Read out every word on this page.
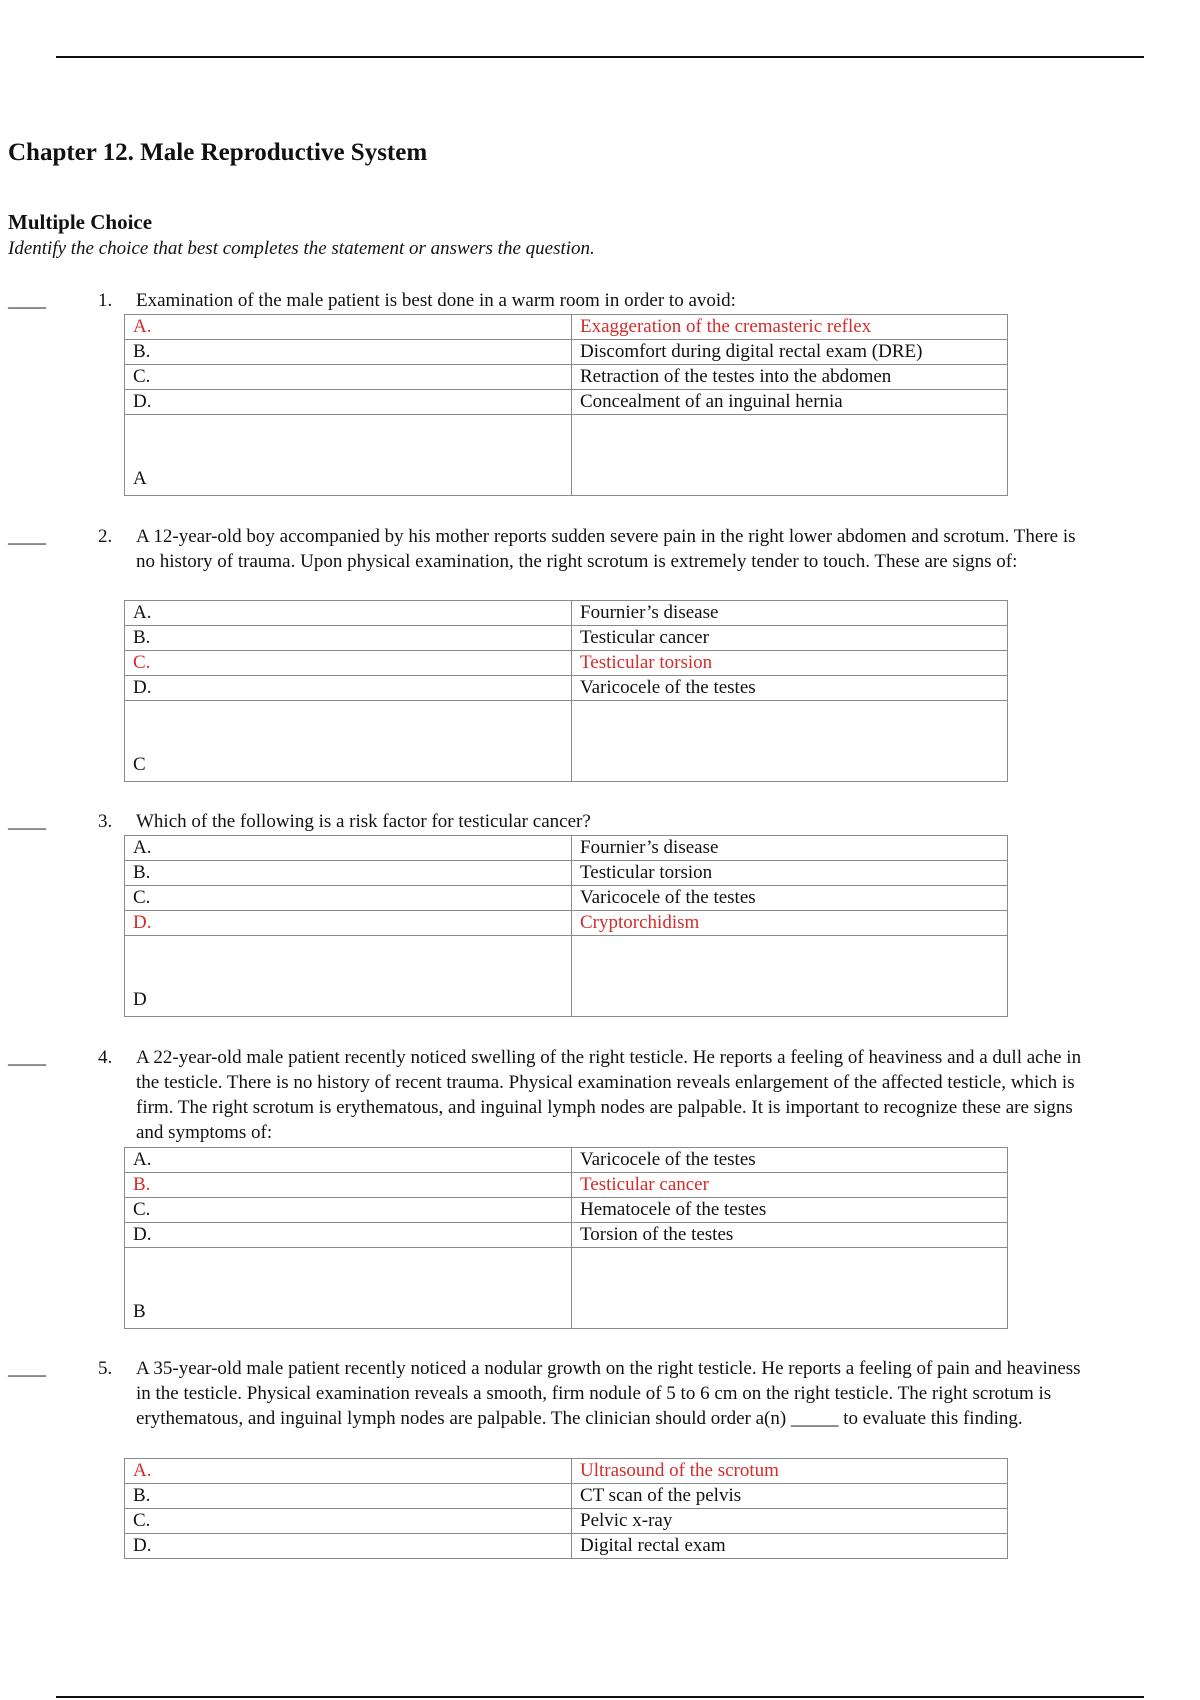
Chapter 12. Male Reproductive System
Multiple Choice
Identify the choice that best completes the statement or answers the question.
____	1. Examination of the male patient is best done in a warm room in order to avoid:

A.	Exaggeration of the cremasteric reflex
B.	Discomfort during digital rectal exam (DRE)
C.	Retraction of the testes into the abdomen
D.	Concealment of an inguinal hernia
A	
____	2. A 12-year-old boy accompanied by his mother reports sudden severe pain in the right lower abdomen and scrotum. There is no history of trauma. Upon physical examination, the right scrotum is extremely tender to touch. These are signs of:

A.	Fournier’s disease
B.	Testicular cancer
C.	Testicular torsion
D.	Varicocele of the testes
C	
____	3. Which of the following is a risk factor for testicular cancer?

A.	Fournier’s disease
B.	Testicular torsion
C.	Varicocele of the testes
D.	Cryptorchidism
D	
____	4. A 22-year-old male patient recently noticed swelling of the right testicle. He reports a feeling of heaviness and a dull ache in the testicle. There is no history of recent trauma. Physical examination reveals enlargement of the affected testicle, which is firm. The right scrotum is erythematous, and inguinal lymph nodes are palpable. It is important to recognize these are signs and symptoms of:

A.	Varicocele of the testes
B.	Testicular cancer
C.	Hematocele of the testes
D.	Torsion of the testes
B	
____	5. A 35-year-old male patient recently noticed a nodular growth on the right testicle. He reports a feeling of pain and heaviness in the testicle. Physical examination reveals a smooth, firm nodule of 5 to 6 cm on the right testicle. The right scrotum is erythematous, and inguinal lymph nodes are palpable. The clinician should order a(n) _____ to evaluate this finding.

A.	Ultrasound of the scrotum
B.	CT scan of the pelvis
C.	Pelvic x-ray
D.	Digital rectal exam
